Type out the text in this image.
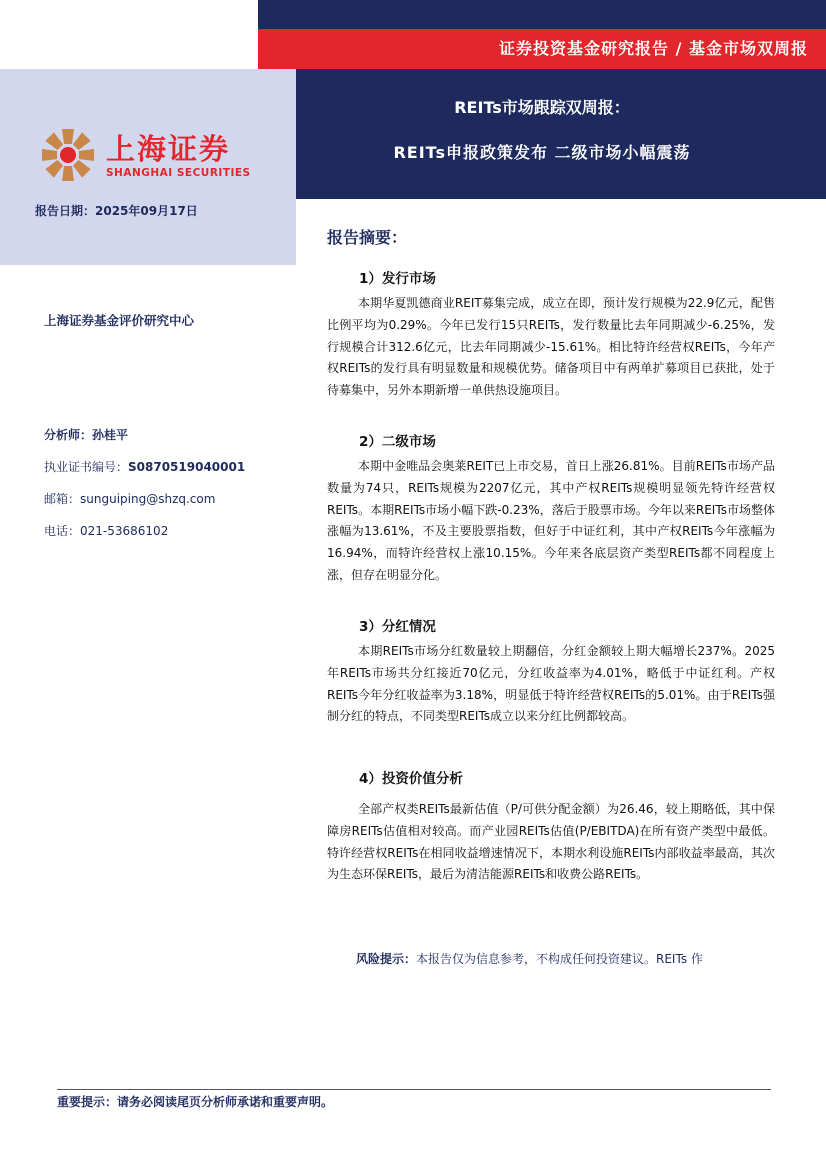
证券投资基金研究报告 / 基金市场双周报
REITs市场跟踪双周报：
REITs申报政策发布 二级市场小幅震荡
上海证券
SHANGHAI SECURITIES
报告日期：2025年09月17日
上海证券基金评价研究中心
分析师：孙桂平
执业证书编号：S0870519040001
邮箱：sunguiping@shzq.com
电话：021-53686102
报告摘要：
1）发行市场

本期华夏凯德商业REIT募集完成，成立在即，预计发行规模为22.9亿元，配售比例平均为0.29%。今年已发行15只REITs，发行数量比去年同期减少-6.25%，发行规模合计312.6亿元，比去年同期减少-15.61%。相比特许经营权REITs，今年产权REITs的发行具有明显数量和规模优势。储备项目中有两单扩募项目已获批，处于待募集中，另外本期新增一单供热设施项目。

2）二级市场

本期中金唯品会奥莱REIT已上市交易，首日上涨26.81%。目前REITs市场产品数量为74只，REITs规模为2207亿元，其中产权REITs规模明显领先特许经营权REITs。本期REITs市场小幅下跌-0.23%，落后于股票市场。今年以来REITs市场整体涨幅为13.61%，不及主要股票指数，但好于中证红利，其中产权REITs今年涨幅为16.94%，而特许经营权上涨10.15%。今年来各底层资产类型REITs都不同程度上涨，但存在明显分化。

3）分红情况

本期REITs市场分红数量较上期翻倍，分红金额较上期大幅增长237%。2025年REITs市场共分红接近70亿元，分红收益率为4.01%，略低于中证红利。产权REITs今年分红收益率为3.18%，明显低于特许经营权REITs的5.01%。由于REITs强制分红的特点，不同类型REITs成立以来分红比例都较高。

4）投资价值分析

全部产权类REITs最新估值（P/可供分配金额）为26.46，较上期略低，其中保障房REITs估值相对较高。而产业园REITs估值(P/EBITDA)在所有资产类型中最低。特许经营权REITs在相同收益增速情况下，本期水利设施REITs内部收益率最高，其次为生态环保REITs，最后为清洁能源REITs和收费公路REITs。

风险提示：本报告仅为信息参考，不构成任何投资建议。REITs 作
重要提示：请务必阅读尾页分析师承诺和重要声明。
